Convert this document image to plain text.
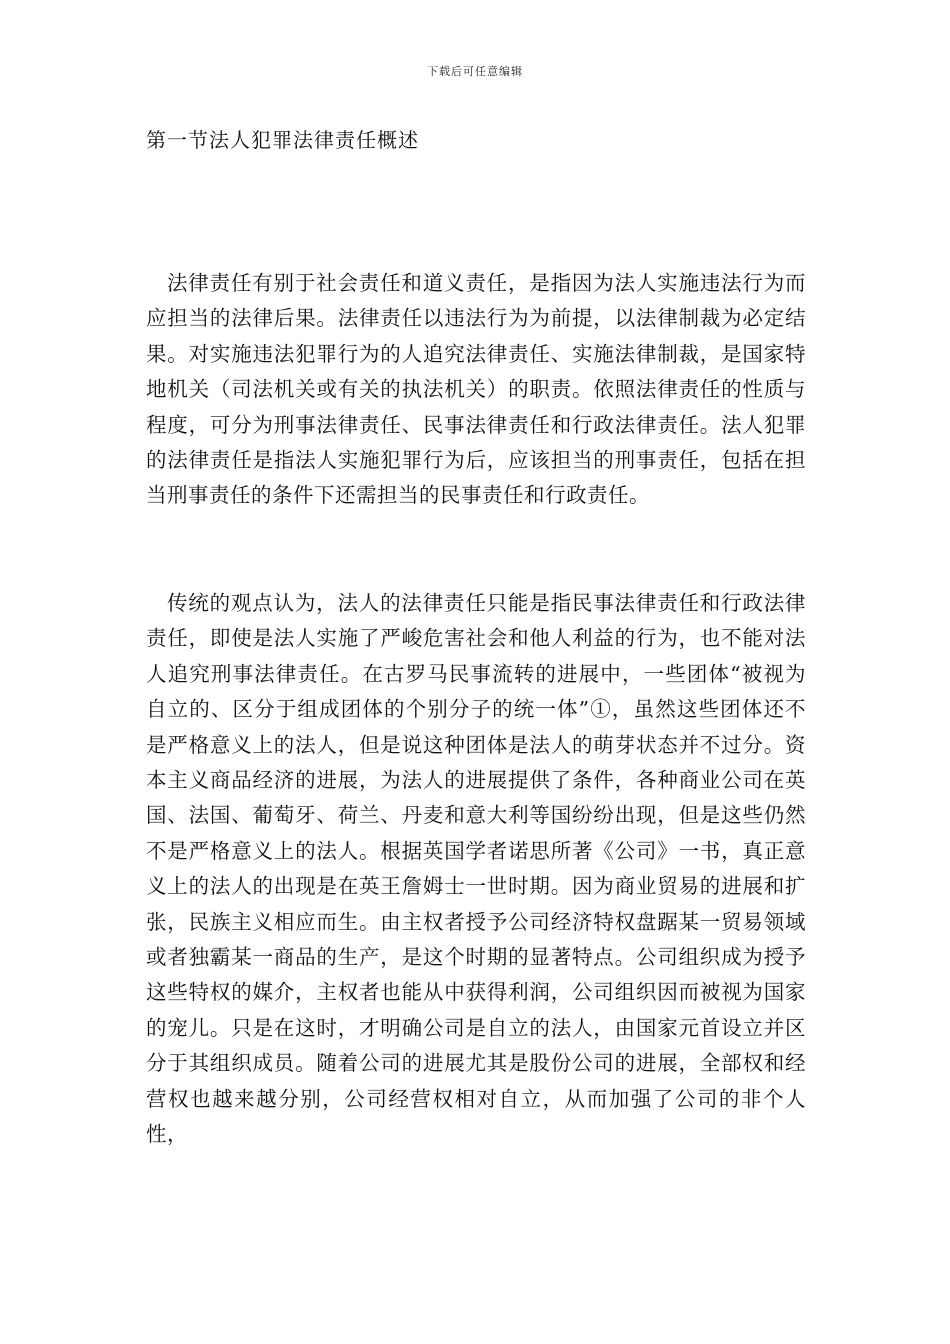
下载后可任意编辑
第一节法人犯罪法律责任概述

法律责任有别于社会责任和道义责任，是指因为法人实施违法行为而应担当的法律后果。法律责任以违法行为为前提，以法律制裁为必定结果。对实施违法犯罪行为的人追究法律责任、实施法律制裁，是国家特地机关（司法机关或有关的执法机关）的职责。依照法律责任的性质与程度，可分为刑事法律责任、民事法律责任和行政法律责任。法人犯罪的法律责任是指法人实施犯罪行为后，应该担当的刑事责任，包括在担当刑事责任的条件下还需担当的民事责任和行政责任。

传统的观点认为，法人的法律责任只能是指民事法律责任和行政法律责任，即使是法人实施了严峻危害社会和他人利益的行为，也不能对法人追究刑事法律责任。在古罗马民事流转的进展中，一些团体“被视为自立的、区分于组成团体的个别分子的统一体”①，虽然这些团体还不是严格意义上的法人，但是说这种团体是法人的萌芽状态并不过分。资本主义商品经济的进展，为法人的进展提供了条件，各种商业公司在英国、法国、葡萄牙、荷兰、丹麦和意大利等国纷纷出现，但是这些仍然不是严格意义上的法人。根据英国学者诺思所著《公司》一书，真正意义上的法人的出现是在英王詹姆士一世时期。因为商业贸易的进展和扩张，民族主义相应而生。由主权者授予公司经济特权盘踞某一贸易领域或者独霸某一商品的生产，是这个时期的显著特点。公司组织成为授予这些特权的媒介，主权者也能从中获得利润，公司组织因而被视为国家的宠儿。只是在这时，才明确公司是自立的法人，由国家元首设立并区分于其组织成员。随着公司的进展尤其是股份公司的进展，全部权和经营权也越来越分别，公司经营权相对自立，从而加强了公司的非个人性，
